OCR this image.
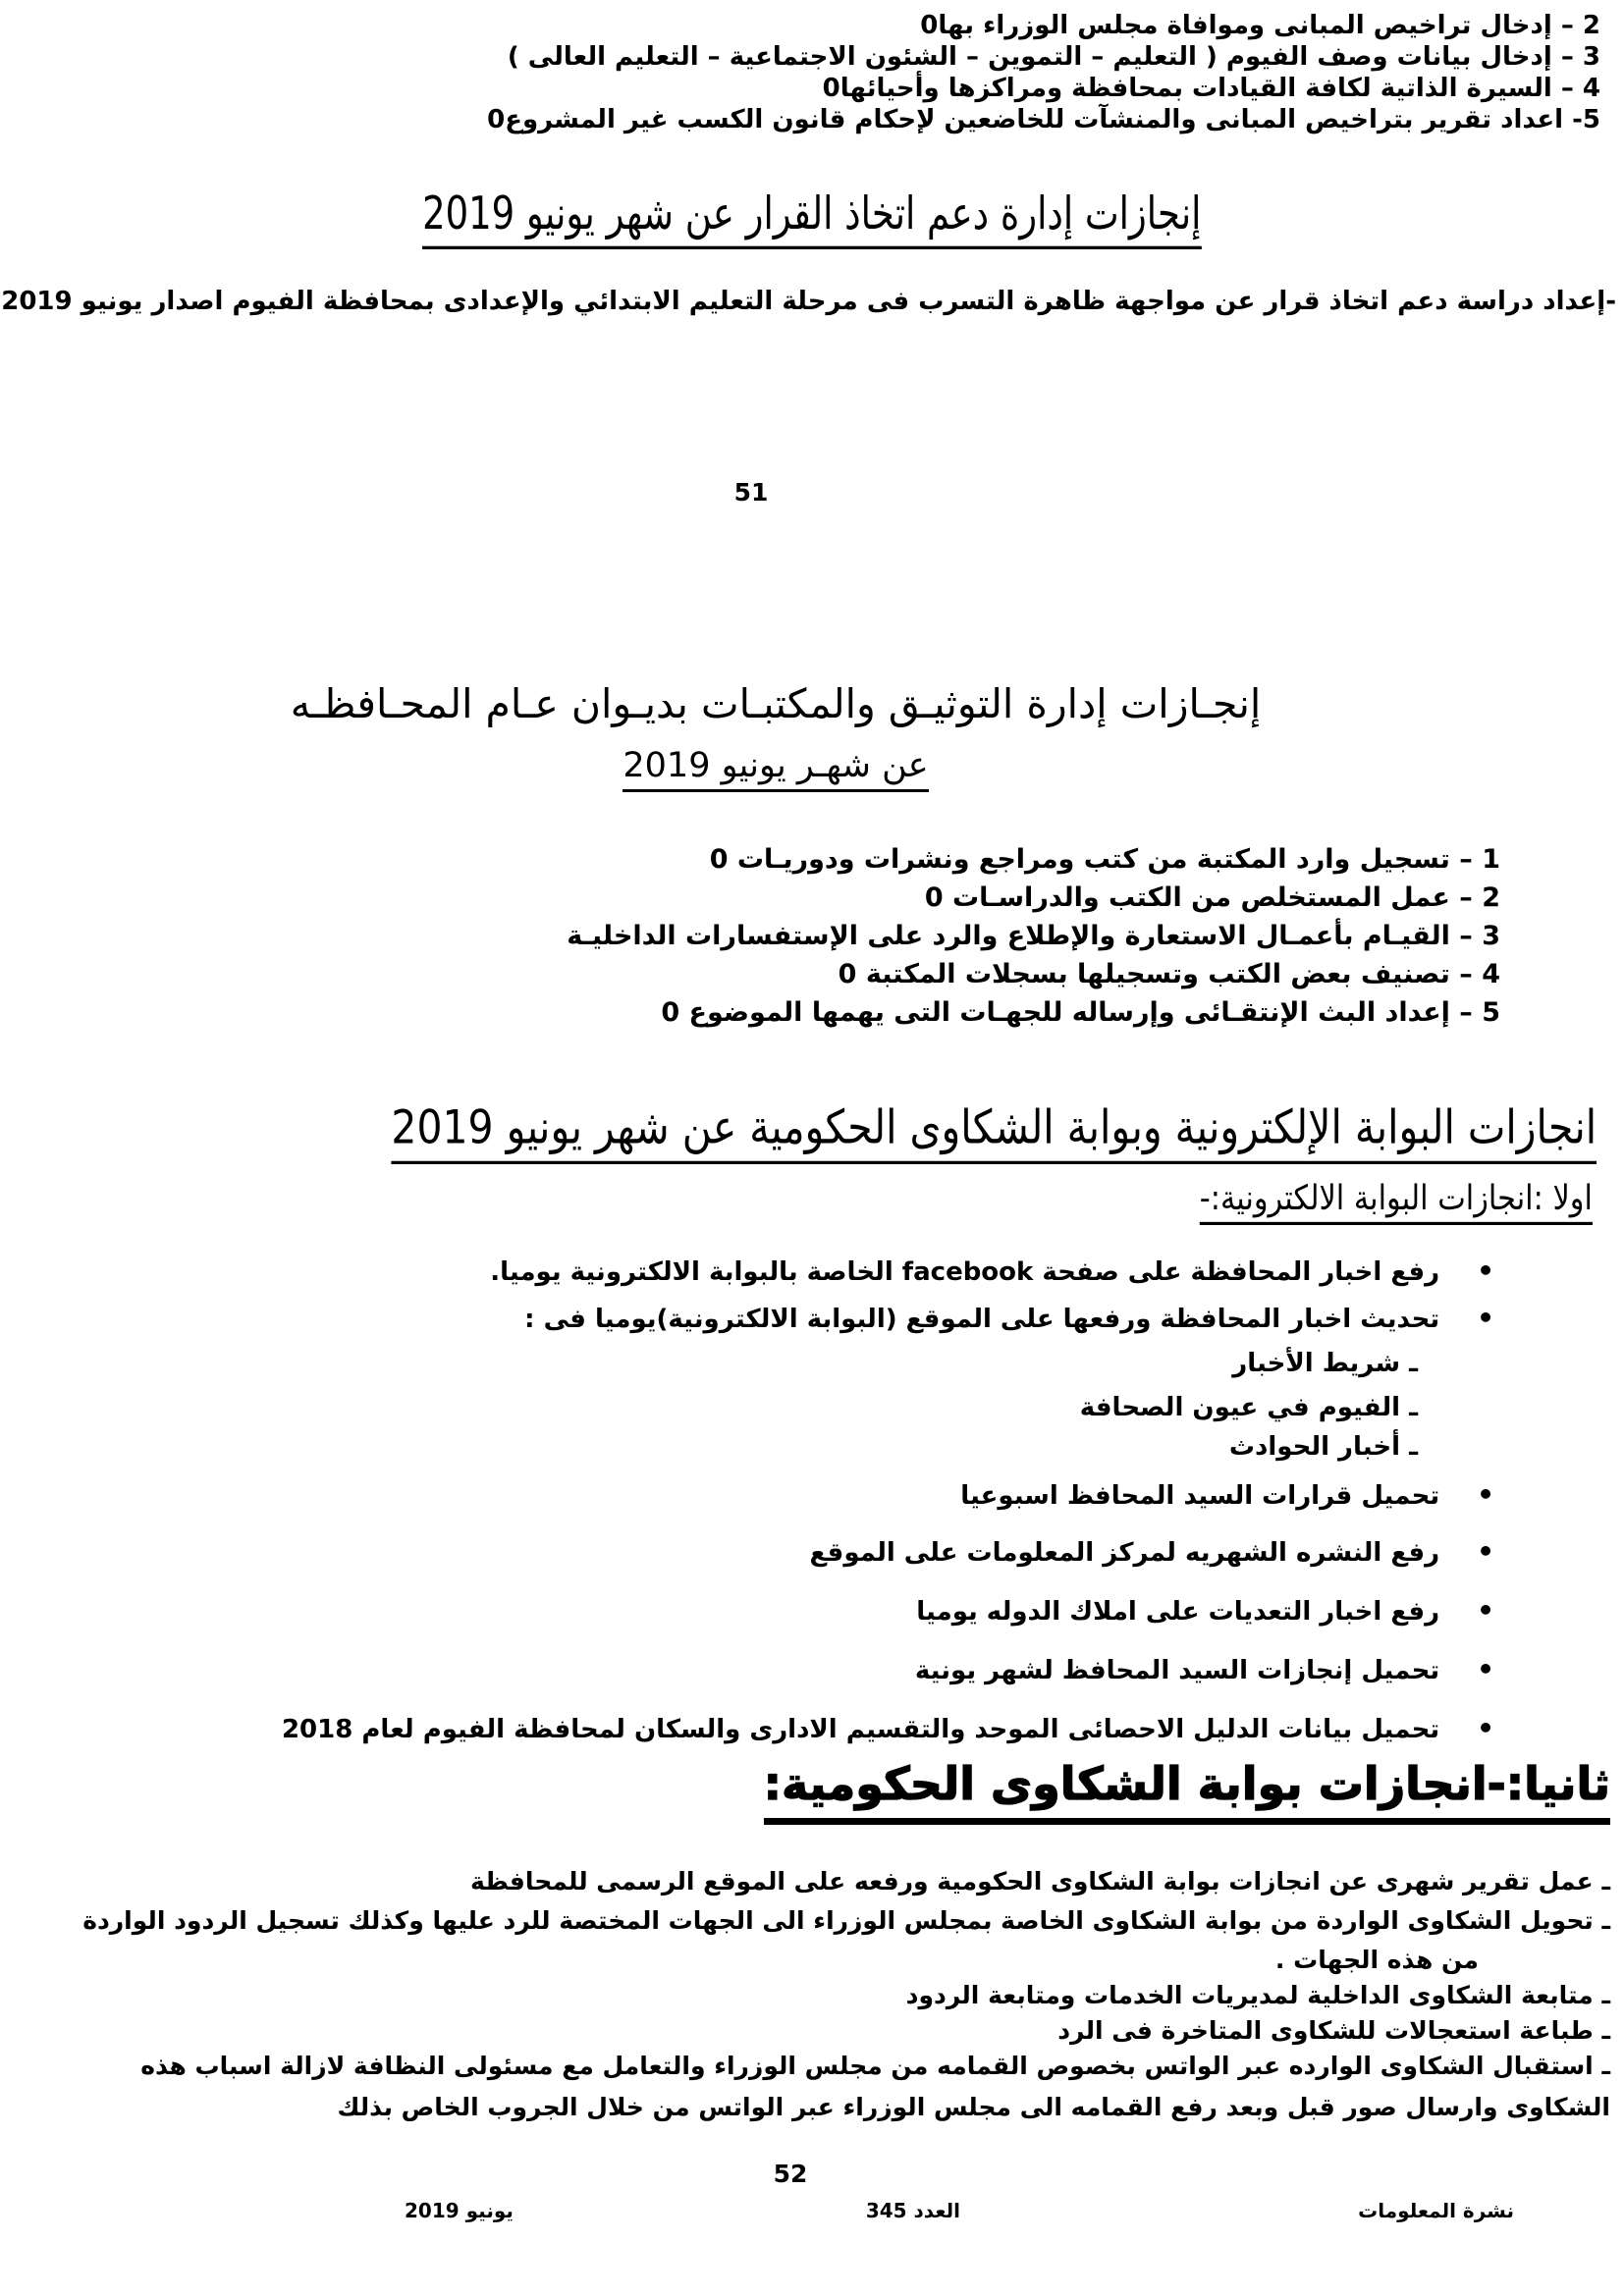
2 – إدخال تراخيص المبانى وموافاة مجلس الوزراء بها0
3 – إدخال بيانات وصف الفيوم ( التعليم – التموين – الشئون الاجتماعية – التعليم العالى )
4 – السيرة الذاتية لكافة القيادات بمحافظة ومراكزها وأحيائها0
5- اعداد تقرير بتراخيص المبانى والمنشآت للخاضعين لإحكام قانون الكسب غير المشروع0
إنجازات إدارة دعم اتخاذ القرار عن شهر يونيو 2019
-إعداد دراسة دعم اتخاذ قرار عن مواجهة ظاهرة التسرب فى مرحلة التعليم الابتدائي والإعدادى بمحافظة الفيوم اصدار يونيو 2019
51
إنجـازات إدارة التوثيـق والمكتبـات بديـوان عـام المحـافظـه
عن شهـر يونيو 2019
1 – تسجيل وارد المكتبة من كتب ومراجع ونشرات ودوريـات 0
2 – عمل المستخلص من الكتب والدراسـات 0
3 – القيـام بأعمـال الاستعارة والإطلاع والرد على الإستفسارات الداخليـة
4 – تصنيف بعض الكتب وتسجيلها بسجلات المكتبة 0
5 – إعداد البث الإنتقـائى وإرساله للجهـات التى يهمها الموضوع 0
انجازات البوابة الإلكترونية وبوابة الشكاوى الحكومية عن شهر يونيو 2019
اولا :انجازات البوابة الالكترونية:-
•رفع اخبار المحافظة على صفحة facebook الخاصة بالبوابة الالكترونية يوميا.
•تحديث اخبار المحافظة ورفعها على الموقع (البوابة الالكترونية)يوميا فى :
ـ شريط الأخبار
ـ الفيوم في عيون الصحافة
ـ أخبار الحوادث
•تحميل قرارات السيد المحافظ اسبوعيا
•رفع النشره الشهريه لمركز المعلومات على الموقع
•رفع اخبار التعديات على املاك الدوله يوميا
•تحميل إنجازات السيد المحافظ لشهر يونية
•تحميل بيانات الدليل الاحصائى الموحد والتقسيم الادارى والسكان لمحافظة الفيوم لعام 2018
ثانيا:-انجازات بوابة الشكاوى الحكومية:
ـ عمل تقرير شهرى عن انجازات بوابة الشكاوى الحكومية ورفعه على الموقع الرسمى للمحافظة
ـ تحويل الشكاوى الواردة من بوابة الشكاوى الخاصة بمجلس الوزراء الى الجهات المختصة للرد عليها وكذلك تسجيل الردود الواردة
من هذه الجهات .
ـ متابعة الشكاوى الداخلية لمديريات الخدمات ومتابعة الردود
ـ طباعة استعجالات للشكاوى المتاخرة فى الرد
ـ استقبال الشكاوى الوارده عبر الواتس بخصوص القمامه من مجلس الوزراء والتعامل مع مسئولى النظافة لازالة اسباب هذه
الشكاوى وارسال صور قبل وبعد رفع القمامه الى مجلس الوزراء عبر الواتس من خلال الجروب الخاص بذلك
52
نشرة المعلومات
العدد 345
يونيو 2019
